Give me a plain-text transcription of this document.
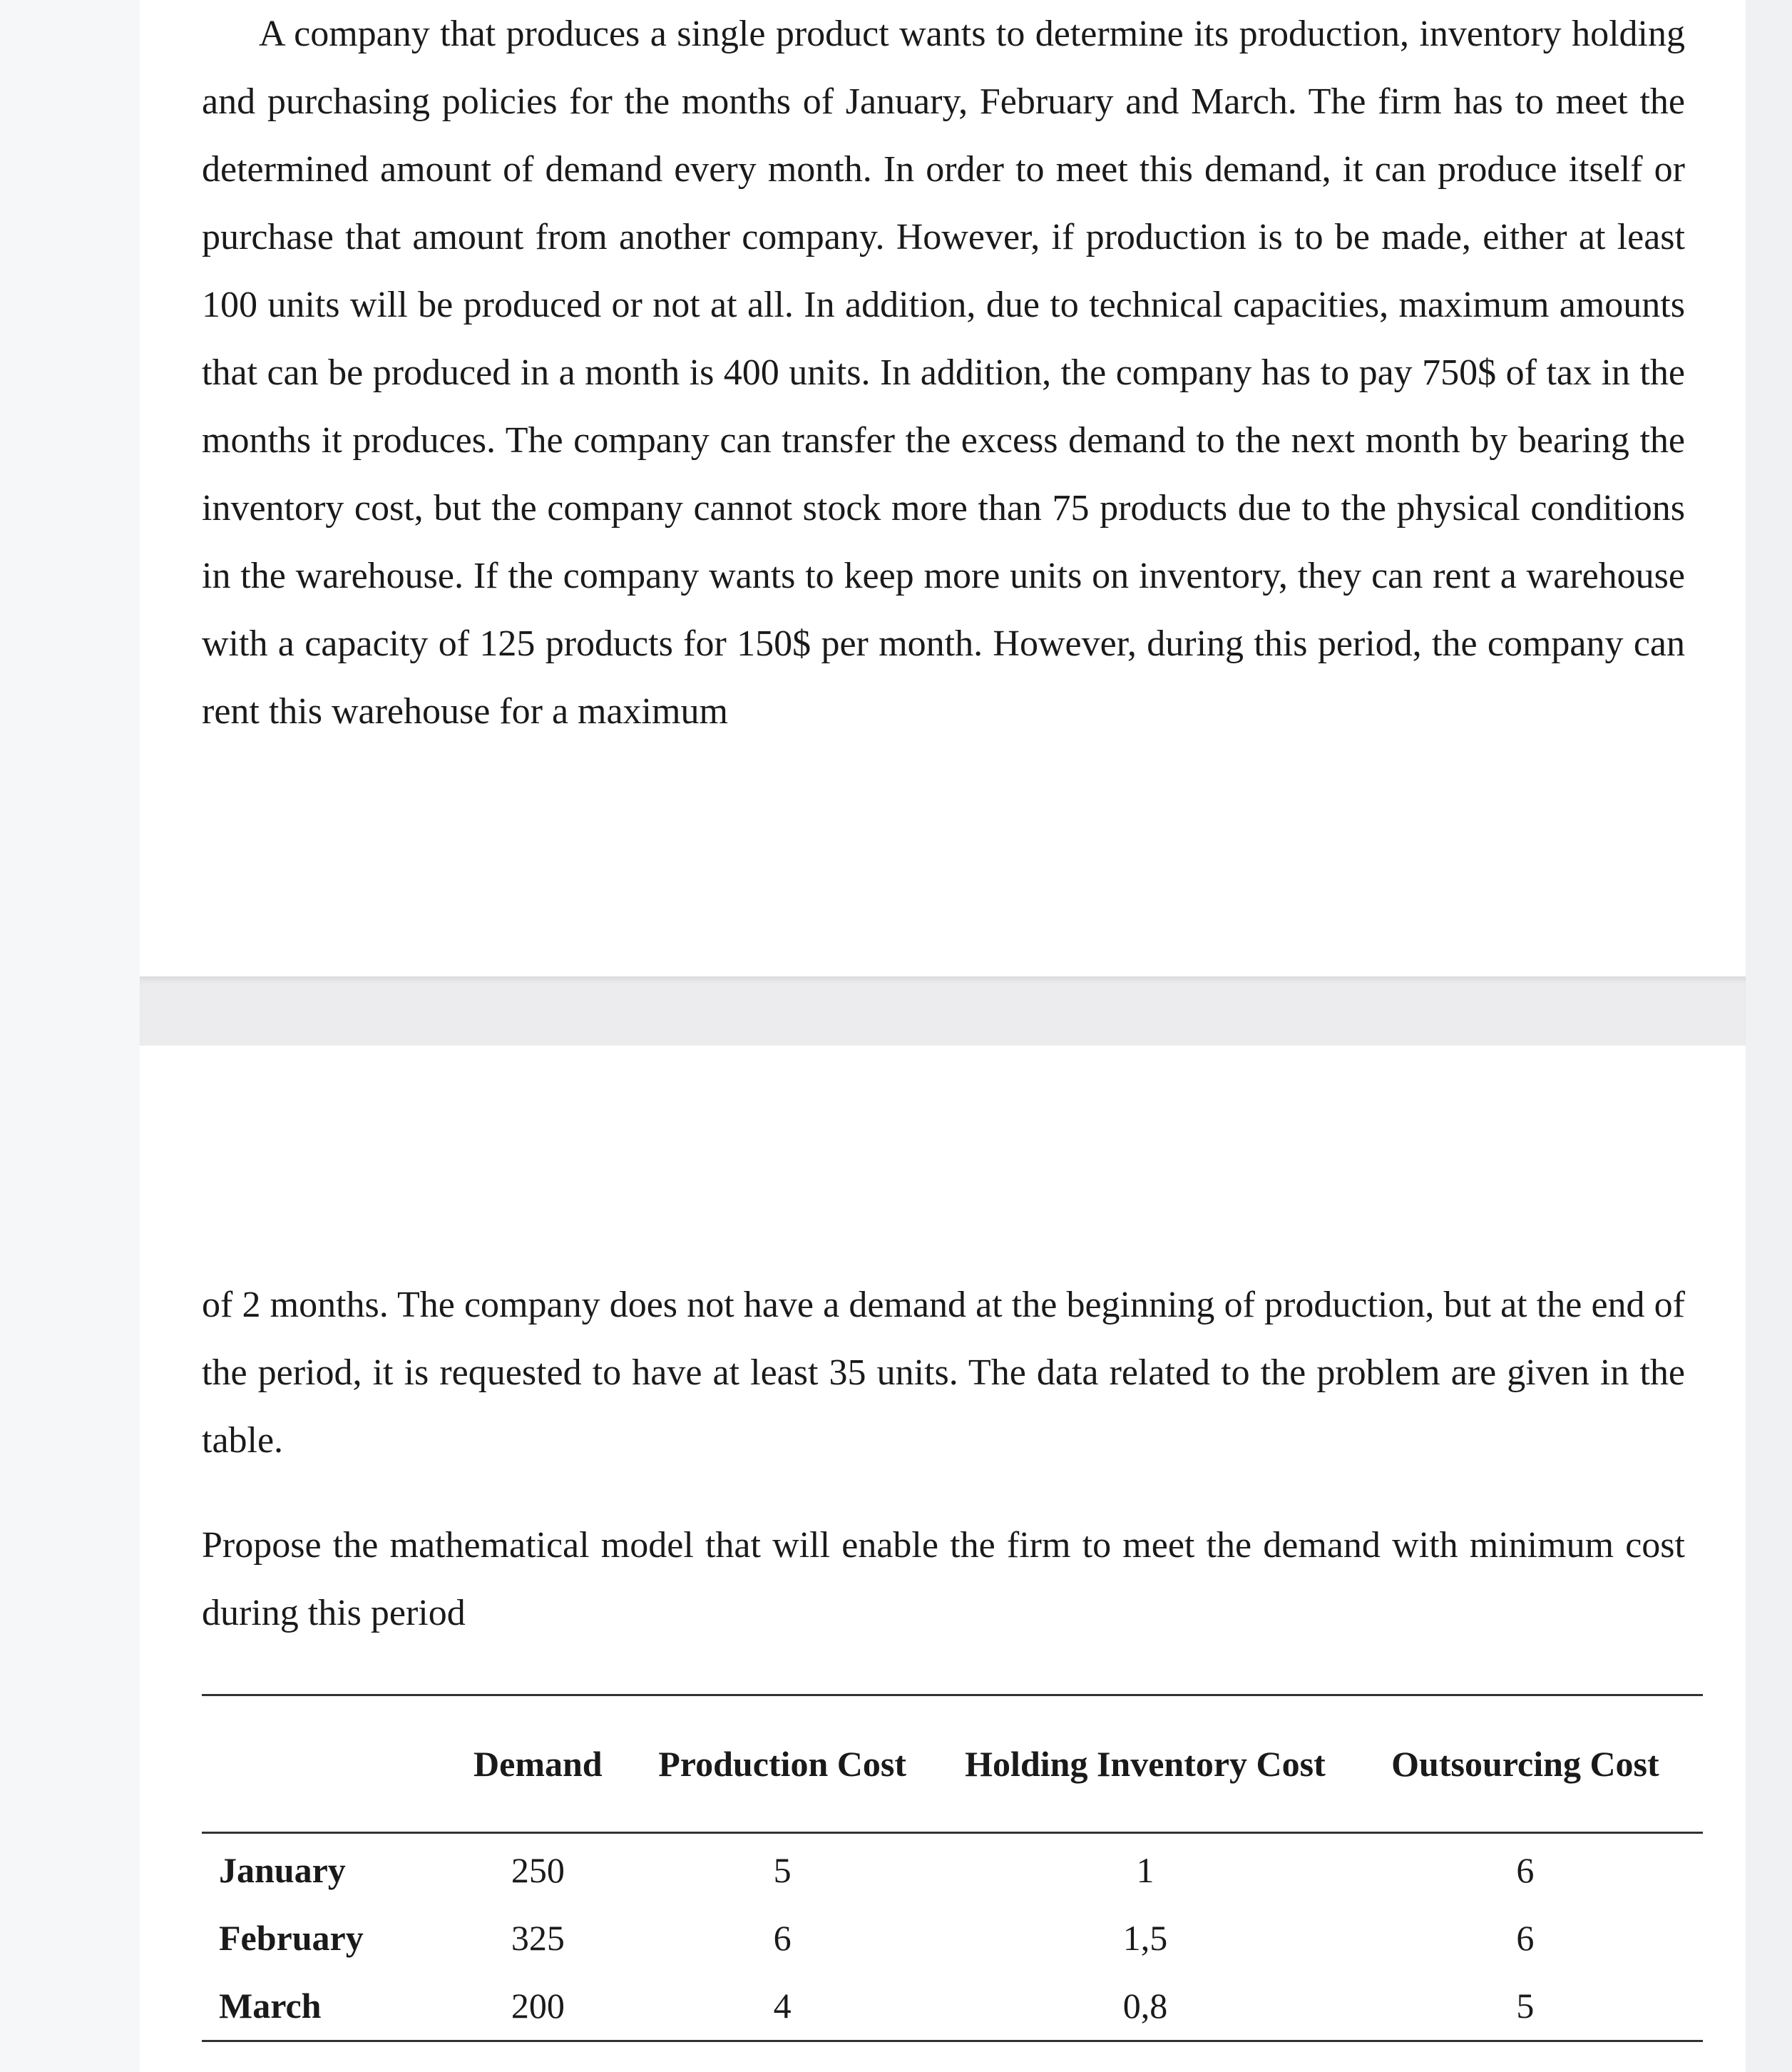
A company that produces a single product wants to determine its production, inventory holding and purchasing policies for the months of January, February and March. The firm has to meet the determined amount of demand every month. In order to meet this demand, it can produce itself or purchase that amount from another company. However, if production is to be made, either at least 100 units will be produced or not at all. In addition, due to technical capacities, maximum amounts that can be produced in a month is 400 units. In addition, the company has to pay 750$ of tax in the months it produces. The company can transfer the excess demand to the next month by bearing the inventory cost, but the company cannot stock more than 75 products due to the physical conditions in the warehouse. If the company wants to keep more units on inventory, they can rent a warehouse with a capacity of 125 products for 150$ per month. However, during this period, the company can rent this warehouse for a maximum

of 2 months. The company does not have a demand at the beginning of production, but at the end of the period, it is requested to have at least 35 units. The data related to the problem are given in the table.

Propose the mathematical model that will enable the firm to meet the demand with minimum cost during this period

	Demand	Production Cost	Holding Inventory Cost	Outsourcing Cost
January	250	5	1	6
February	325	6	1,5	6
March	200	4	0,8	5
